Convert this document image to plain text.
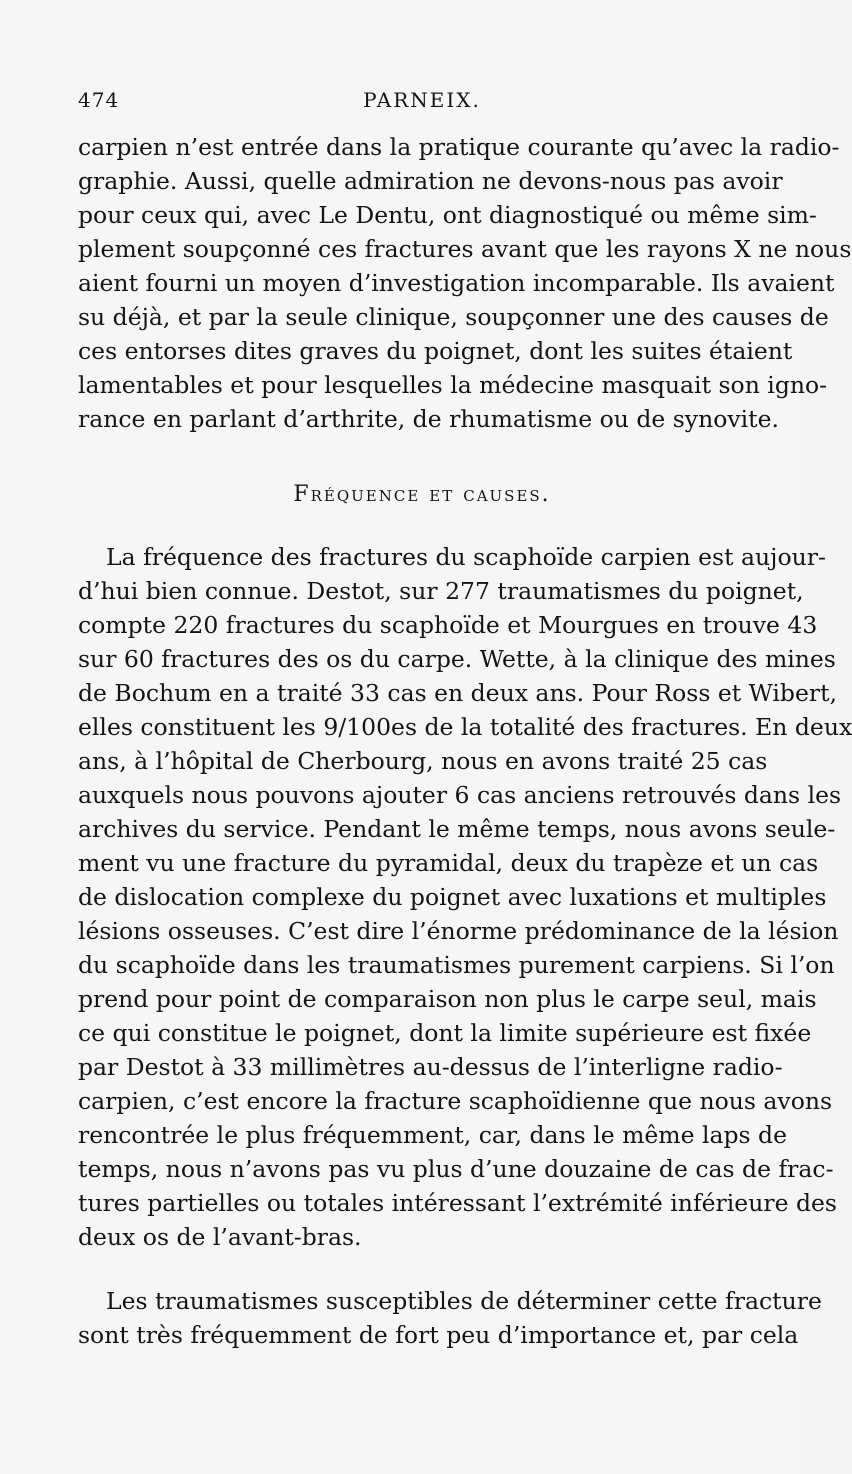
474	PARNEIX.
carpien n’est entrée dans la pratique courante qu’avec la radio-
graphie. Aussi, quelle admiration ne devons-nous pas avoir
pour ceux qui, avec Le Dentu, ont diagnostiqué ou même sim-
plement soupçonné ces fractures avant que les rayons X ne nous
aient fourni un moyen d’investigation incomparable. Ils avaient
su déjà, et par la seule clinique, soupçonner une des causes de
ces entorses dites graves du poignet, dont les suites étaient
lamentables et pour lesquelles la médecine masquait son igno-
rance en parlant d’arthrite, de rhumatisme ou de synovite.
Fréquence et causes.
La fréquence des fractures du scaphoïde carpien est aujour-
d’hui bien connue. Destot, sur 277 traumatismes du poignet,
compte 220 fractures du scaphoïde et Mourgues en trouve 43
sur 60 fractures des os du carpe. Wette, à la clinique des mines
de Bochum en a traité 33 cas en deux ans. Pour Ross et Wibert,
elles constituent les 9/100es de la totalité des fractures. En deux
ans, à l’hôpital de Cherbourg, nous en avons traité 25 cas
auxquels nous pouvons ajouter 6 cas anciens retrouvés dans les
archives du service. Pendant le même temps, nous avons seule-
ment vu une fracture du pyramidal, deux du trapèze et un cas
de dislocation complexe du poignet avec luxations et multiples
lésions osseuses. C’est dire l’énorme prédominance de la lésion
du scaphoïde dans les traumatismes purement carpiens. Si l’on
prend pour point de comparaison non plus le carpe seul, mais
ce qui constitue le poignet, dont la limite supérieure est fixée
par Destot à 33 millimètres au-dessus de l’interligne radio-
carpien, c’est encore la fracture scaphoïdienne que nous avons
rencontrée le plus fréquemment, car, dans le même laps de
temps, nous n’avons pas vu plus d’une douzaine de cas de frac-
tures partielles ou totales intéressant l’extrémité inférieure des
deux os de l’avant-bras.
Les traumatismes susceptibles de déterminer cette fracture
sont très fréquemment de fort peu d’importance et, par cela
